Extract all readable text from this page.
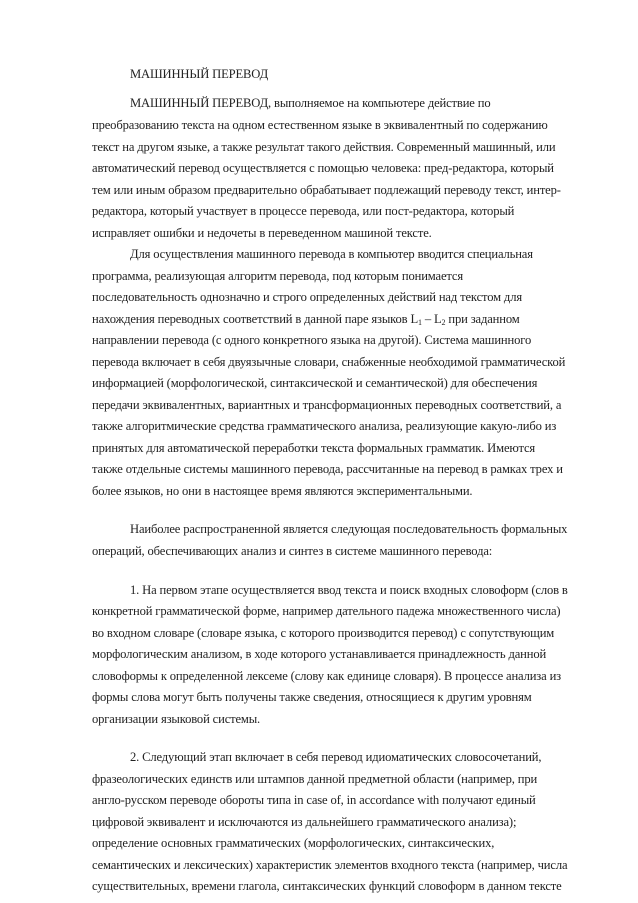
МАШИННЫЙ ПЕРЕВОД
МАШИННЫЙ ПЕРЕВОД, выполняемое на компьютере действие по
преобразованию текста на одном естественном языке в эквивалентный по содержанию
текст на другом языке, а также результат такого действия. Современный машинный, или
автоматический перевод осуществляется с помощью человека: пред-редактора, который
тем или иным образом предварительно обрабатывает подлежащий переводу текст, интер-
редактора, который участвует в процессе перевода, или пост-редактора, который
исправляет ошибки и недочеты в переведенном машиной тексте.
Для осуществления машинного перевода в компьютер вводится специальная
программа, реализующая алгоритм перевода, под которым понимается
последовательность однозначно и строго определенных действий над текстом для
нахождения переводных соответствий в данной паре языков $L_1 - L_2$ при заданном
направлении перевода (с одного конкретного языка на другой). Система машинного
перевода включает в себя двуязычные словари, снабженные необходимой грамматической
информацией (морфологической, синтаксической и семантической) для обеспечения
передачи эквивалентных, вариантных и трансформационных переводных соответствий, а
также алгоритмические средства грамматического анализа, реализующие какую-либо из
принятых для автоматической переработки текста формальных грамматик. Имеются
также отдельные системы машинного перевода, рассчитанные на перевод в рамках трех и
более языков, но они в настоящее время являются экспериментальными.
Наиболее распространенной является следующая последовательность формальных
операций, обеспечивающих анализ и синтез в системе машинного перевода:
1. На первом этапе осуществляется ввод текста и поиск входных словоформ (слов в
конкретной грамматической форме, например дательного падежа множественного числа)
во входном словаре (словаре языка, с которого производится перевод) с сопутствующим
морфологическим анализом, в ходе которого устанавливается принадлежность данной
словоформы к определенной лексеме (слову как единице словаря). В процессе анализа из
формы слова могут быть получены также сведения, относящиеся к другим уровням
организации языковой системы.
2. Следующий этап включает в себя перевод идиоматических словосочетаний,
фразеологических единств или штампов данной предметной области (например, при
англо-русском переводе обороты типа in case of, in accordance with получают единый
цифровой эквивалент и исключаются из дальнейшего грамматического анализа);
определение основных грамматических (морфологических, синтаксических,
семантических и лексических) характеристик элементов входного текста (например, числа
существительных, времени глагола, синтаксических функций словоформ в данном тексте
